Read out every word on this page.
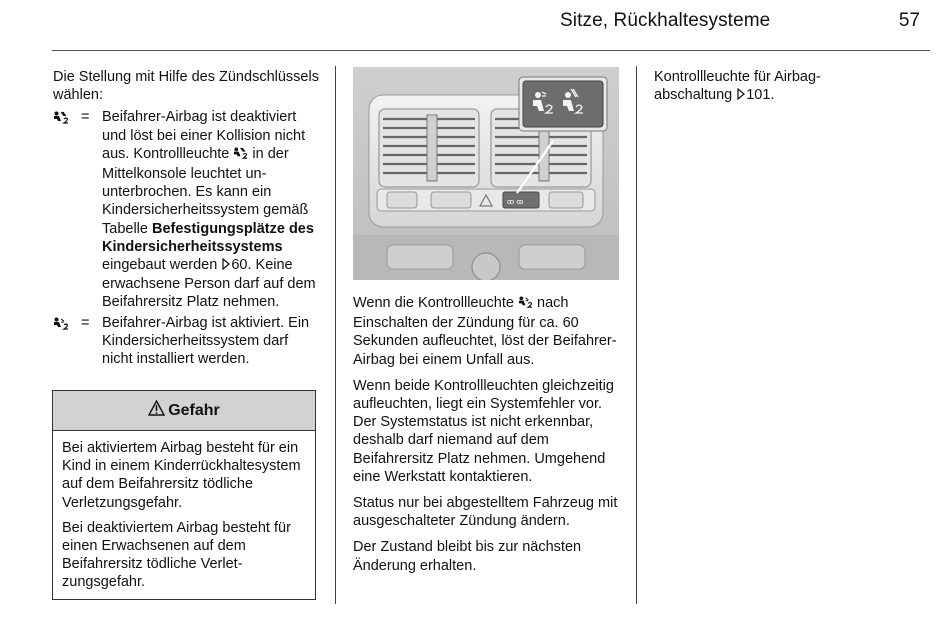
Sitze, Rückhaltesysteme	57

Die Stellung mit Hilfe des Zündschlüssels wählen:

= Beifahrer-Airbag ist deaktiviert und löst bei einer Kollision nicht aus. Kontrollleuchte  in der Mittelkonsole leuchtet ununterbrochen. Es kann ein Kindersicherheitssystem gemäß Tabelle Befestigungsplätze des Kindersicherheitssystems eingebaut werden 60. Keine erwachsene Person darf auf dem Beifahrersitz Platz nehmen.
= Beifahrer-Airbag ist aktiviert. Ein Kindersicherheitssystem darf nicht installiert werden.
Gefahr

Bei aktiviertem Airbag besteht für ein Kind in einem Kinderrückhaltesystem auf dem Beifahrersitz tödliche Verletzungsgefahr.

Bei deaktiviertem Airbag besteht für einen Erwachsenen auf dem Beifahrersitz tödliche Verletzungsgefahr.

ꝏ ꝏ

Wenn die Kontrollleuchte  nach Einschalten der Zündung für ca. 60 Sekunden aufleuchtet, löst der Beifahrer-Airbag bei einem Unfall aus.

Wenn beide Kontrollleuchten gleichzeitig aufleuchten, liegt ein Systemfehler vor. Der Systemstatus ist nicht erkennbar, deshalb darf niemand auf dem Beifahrersitz Platz nehmen. Umgehend eine Werkstatt kontaktieren.

Status nur bei abgestelltem Fahrzeug mit ausgeschalteter Zündung ändern.

Der Zustand bleibt bis zur nächsten Änderung erhalten.

Kontrollleuchte für Airbagabschaltung 101.
